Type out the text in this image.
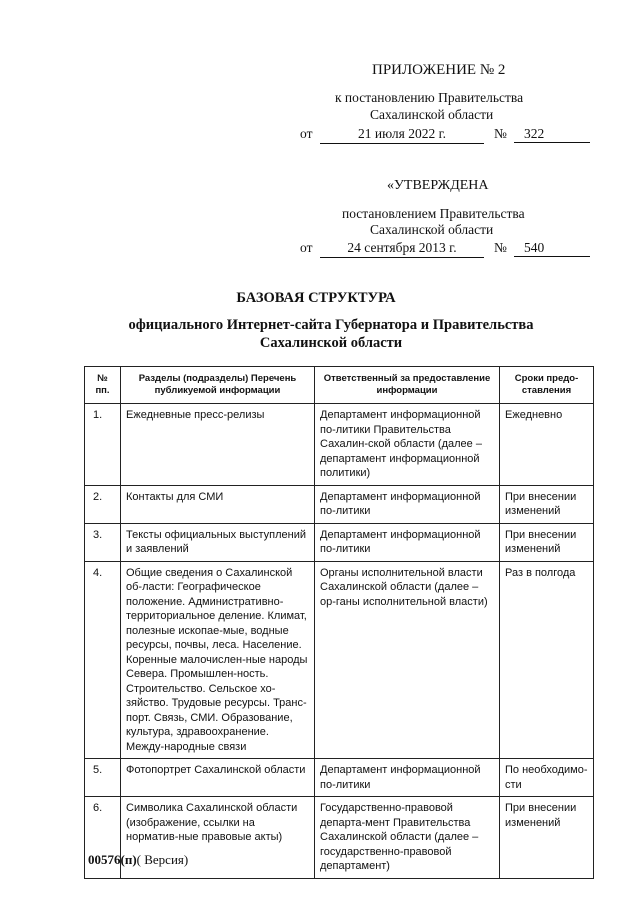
ПРИЛОЖЕНИЕ № 2
к постановлению Правительства
Сахалинской области
от	21 июля 2022 г.	№	322
«УТВЕРЖДЕНА
постановлением Правительства
Сахалинской области
от	24 сентября 2013 г.	№	540
БАЗОВАЯ СТРУКТУРА
официального Интернет-сайта Губернатора и Правительства
Сахалинской области
№ пп.	Разделы (подразделы) Перечень публикуемой информации	Ответственный за предоставление информации	Сроки предо-ставления
1.	Ежедневные пресс-релизы	Департамент информационной по-литики Правительства Сахалин-ской области (далее – департамент информационной политики)	Ежедневно
2.	Контакты для СМИ	Департамент информационной по-литики	При внесении изменений
3.	Тексты официальных выступлений и заявлений	Департамент информационной по-литики	При внесении изменений
4.	Общие сведения о Сахалинской об-ласти: Географическое положение. Административно-территориальное деление. Климат, полезные ископае-мые, водные ресурсы, почвы, леса. Население. Коренные малочислен-ные народы Севера. Промышлен-ность. Строительство. Сельское хо-зяйство. Трудовые ресурсы. Транс-порт. Связь, СМИ. Образование, культура, здравоохранение. Между-народные связи	Органы исполнительной власти Сахалинской области (далее – ор-ганы исполнительной власти)	Раз в полгода
5.	Фотопортрет Сахалинской области	Департамент информационной по-литики	По необходимо-сти
6.	Символика Сахалинской области (изображение, ссылки на норматив-ные правовые акты)	Государственно-правовой департа-мент Правительства Сахалинской области (далее – государственно-правовой департамент)	При внесении изменений
00576(п)( Версия)
